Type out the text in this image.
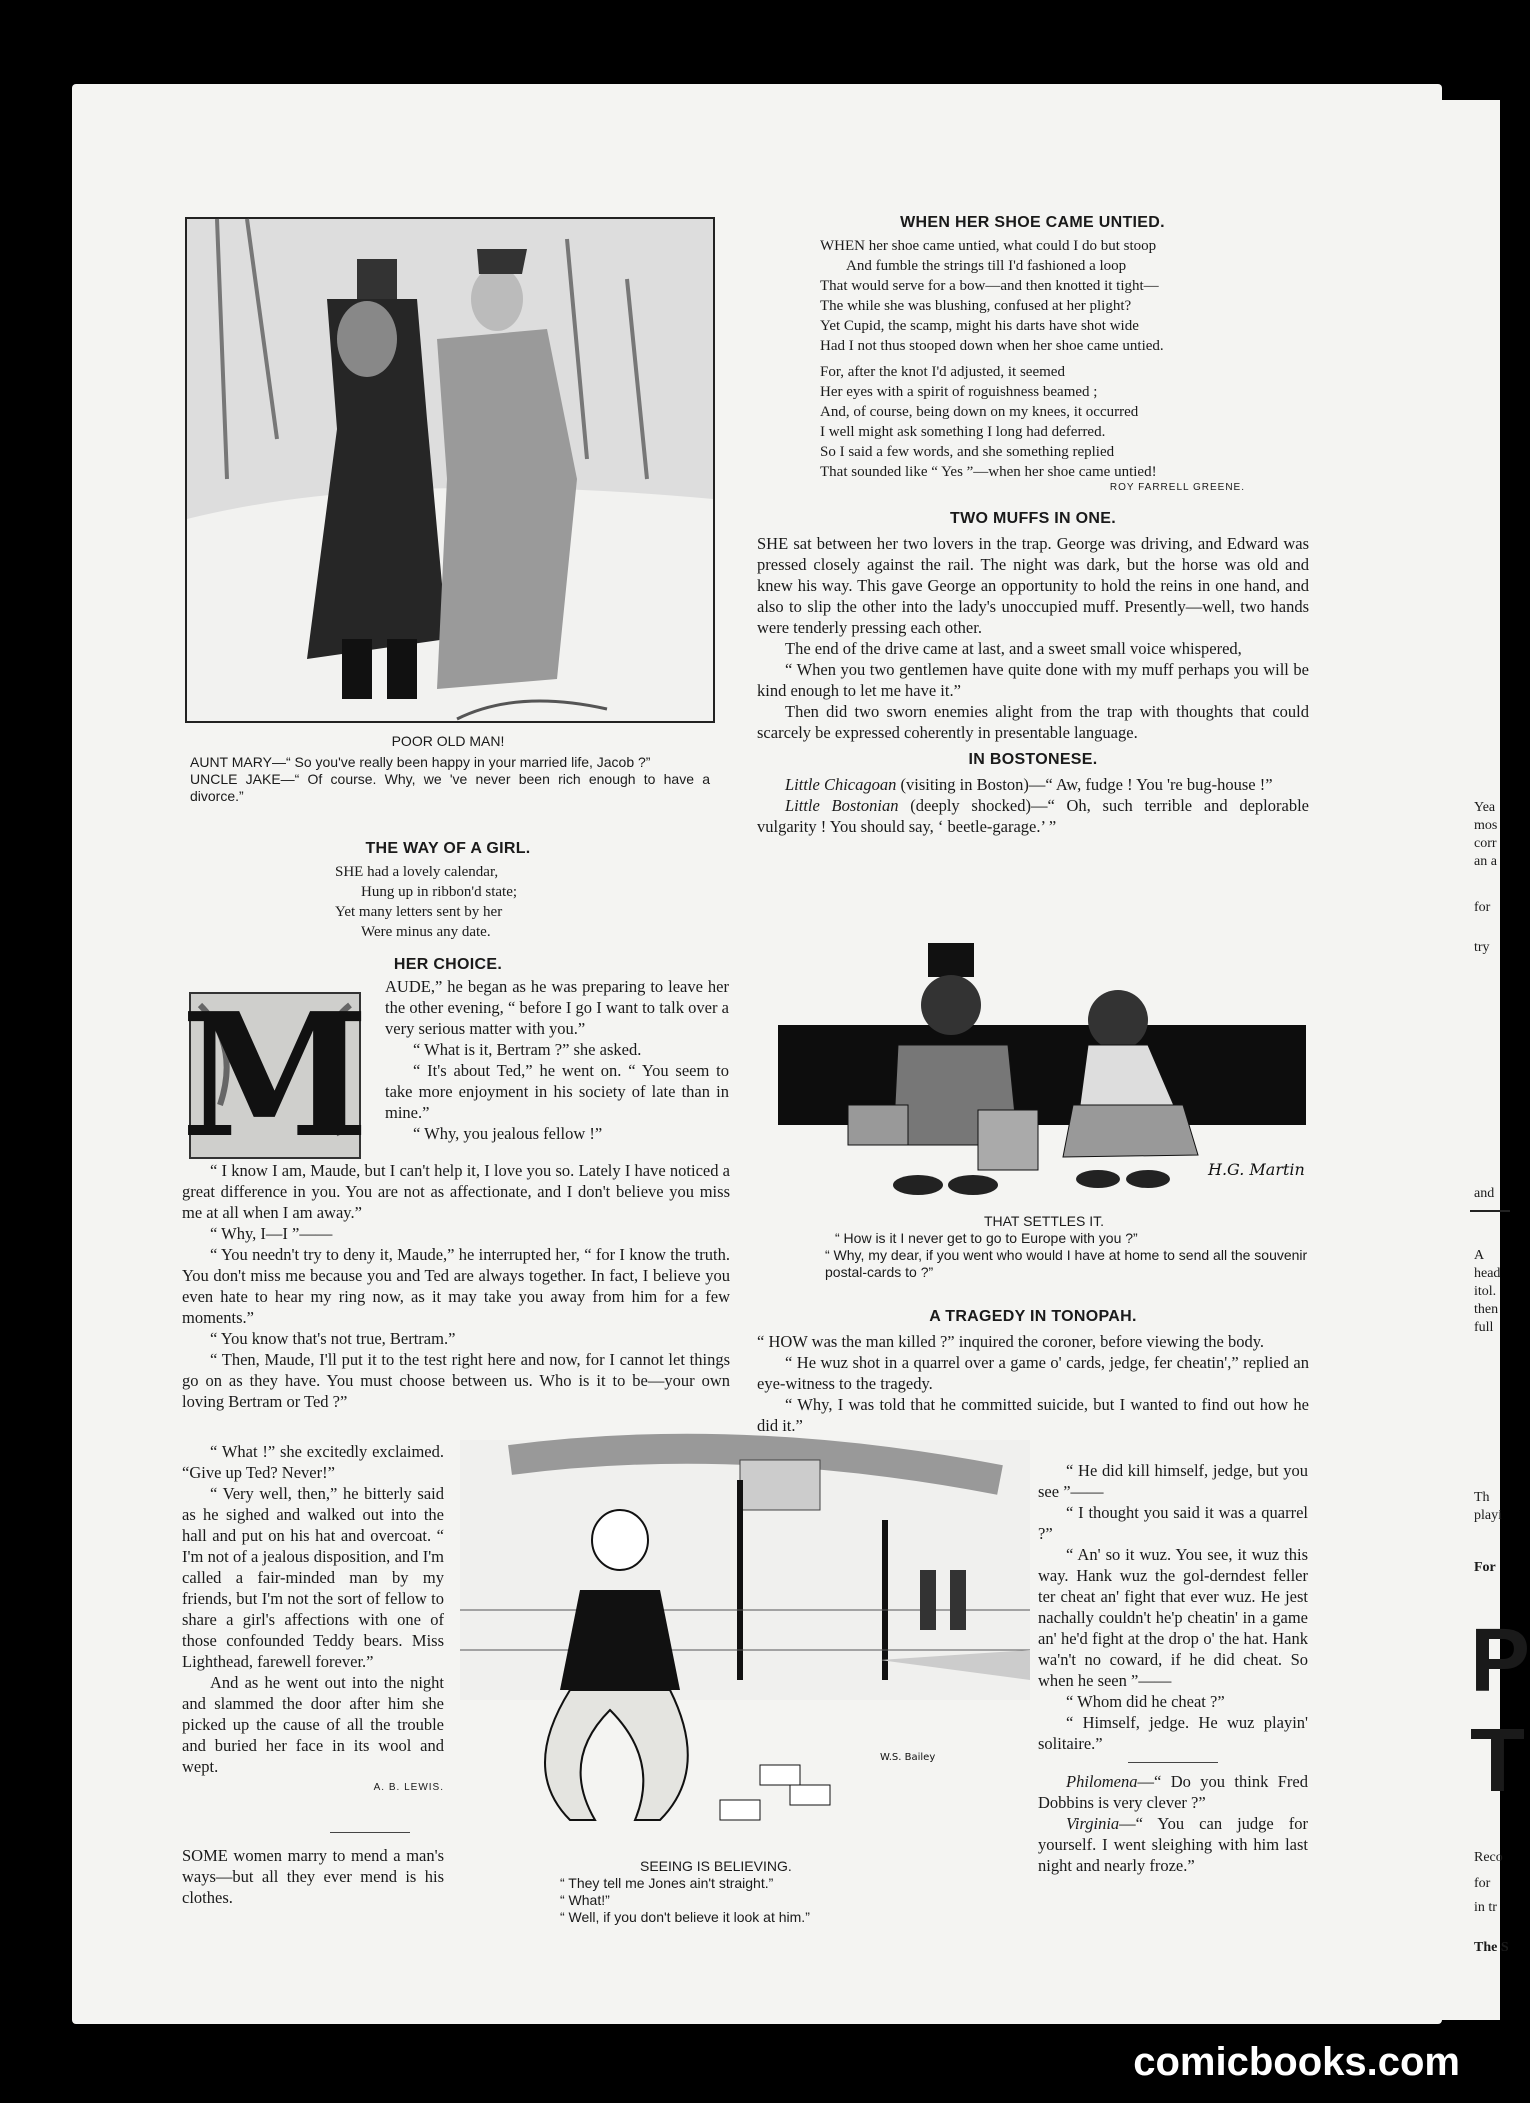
POOR OLD MAN!
AUNT MARY—“ So you've really been happy in your married life, Jacob ?”
UNCLE JAKE—“ Of course. Why, we 've never been rich enough to have a divorce.”
THE WAY OF A GIRL.
SHE had a lovely calendar,
Hung up in ribbon'd state;
Yet many letters sent by her
Were minus any date.
HER CHOICE.
M AUDE,” he began as he was preparing to leave her the other evening, “ before I go I want to talk over a very serious matter with you.”

“ What is it, Bertram ?” she asked.

“ It's about Ted,” he went on. “ You seem to take more enjoyment in his society of late than in mine.”

“ Why, you jealous fellow !”

“ I know I am, Maude, but I can't help it, I love you so. Lately I have noticed a great difference in you. You are not as affectionate, and I don't believe you miss me at all when I am away.”

“ Why, I—I ”——

“ You needn't try to deny it, Maude,” he interrupted her, “ for I know the truth. You don't miss me because you and Ted are always together. In fact, I believe you even hate to hear my ring now, as it may take you away from him for a few moments.”

“ You know that's not true, Bertram.”

“ Then, Maude, I'll put it to the test right here and now, for I cannot let things go on as they have. You must choose between us. Who is it to be—your own loving Bertram or Ted ?”

“ What !” she excitedly exclaimed. “Give up Ted? Never!”

“ Very well, then,” he bitterly said as he sighed and walked out into the hall and put on his hat and overcoat. “ I'm not of a jealous disposition, and I'm called a fair-minded man by my friends, but I'm not the sort of fellow to share a girl's affections with one of those confounded Teddy bears. Miss Lighthead, farewell forever.”

And as he went out into the night and slammed the door after him she picked up the cause of all the trouble and buried her face in its wool and wept.

A. B. LEWIS.

SOME women marry to mend a man's ways—but all they ever mend is his clothes.

WHEN HER SHOE CAME UNTIED.
WHEN her shoe came untied, what could I do but stoop
And fumble the strings till I'd fashioned a loop
That would serve for a bow—and then knotted it tight—
The while she was blushing, confused at her plight?
Yet Cupid, the scamp, might his darts have shot wide
Had I not thus stooped down when her shoe came untied.
For, after the knot I'd adjusted, it seemed
Her eyes with a spirit of roguishness beamed ;
And, of course, being down on my knees, it occurred
I well might ask something I long had deferred.
So I said a few words, and she something replied
That sounded like “ Yes ”—when her shoe came untied!
ROY FARRELL GREENE.
TWO MUFFS IN ONE.

SHE sat between her two lovers in the trap. George was driving, and Edward was pressed closely against the rail. The night was dark, but the horse was old and knew his way. This gave George an opportunity to hold the reins in one hand, and also to slip the other into the lady's unoccupied muff. Presently—well, two hands were tenderly pressing each other.

The end of the drive came at last, and a sweet small voice whispered,

“ When you two gentlemen have quite done with my muff perhaps you will be kind enough to let me have it.”

Then did two sworn enemies alight from the trap with thoughts that could scarcely be expressed coherently in presentable language.

IN BOSTONESE.

Little Chicagoan (visiting in Boston)—“ Aw, fudge ! You 're bug-house !”

Little Bostonian (deeply shocked)—“ Oh, such terrible and deplorable vulgarity ! You should say, ‘ beetle-garage.’ ”

H.G. Martin
THAT SETTLES IT.
“ How is it I never get to go to Europe with you ?”
“ Why, my dear, if you went who would I have at home to send all the souvenir postal-cards to ?”
A TRAGEDY IN TONOPAH.

“ HOW was the man killed ?” inquired the coroner, before viewing the body.

“ He wuz shot in a quarrel over a game o' cards, jedge, fer cheatin',” replied an eye-witness to the tragedy.

“ Why, I was told that he committed suicide, but I wanted to find out how he did it.”

“ He did kill himself, jedge, but you see ”——

“ I thought you said it was a quarrel ?”

“ An' so it wuz. You see, it wuz this way. Hank wuz the gol-derndest feller ter cheat an' fight that ever wuz. He jest nachally couldn't he'p cheatin' in a game an' he'd fight at the drop o' the hat. Hank wa'n't no coward, if he did cheat. So when he seen ”——

“ Whom did he cheat ?”

“ Himself, jedge. He wuz playin' solitaire.”

Philomena—“ Do you think Fred Dobbins is very clever ?”

Virginia—“ You can judge for yourself. I went sleighing with him last night and nearly froze.”

W.S. Bailey
SEEING IS BELIEVING.
“ They tell me Jones ain't straight.”
“ What!”
“ Well, if you don't believe it look at him.”
Yea
mos
corr
an a
for
try
and
A
head
itol.
then
full
Th
playi
For
P
T
Reco
for
in tr
The S
comicbooks.com
